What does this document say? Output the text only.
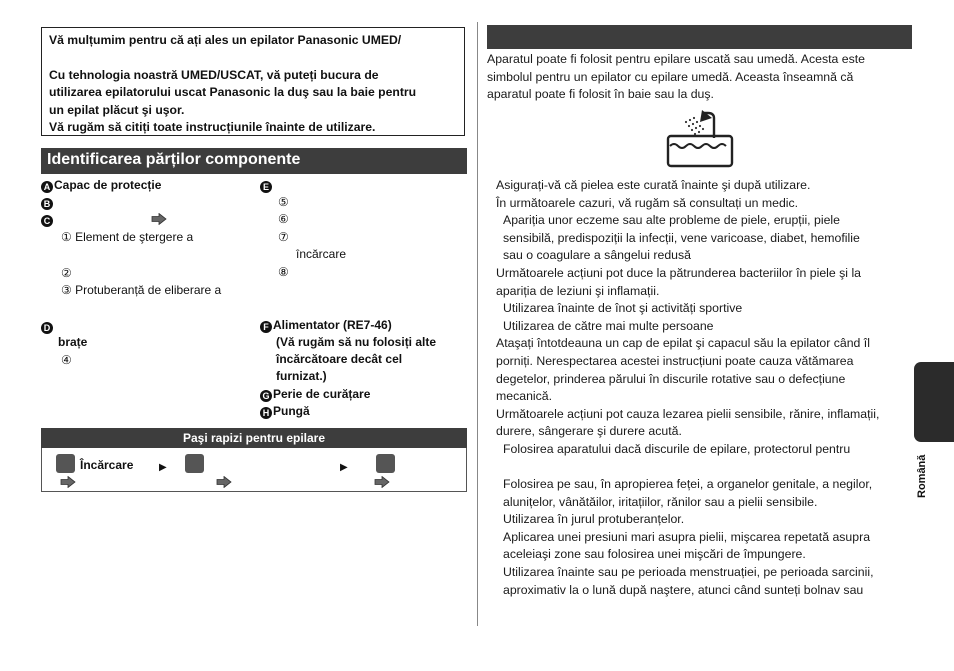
Vă mulțumim pentru că ați ales un epilator Panasonic UMED/

Cu tehnologia noastră UMED/USCAT, vă puteți bucura de

utilizarea epilatorului uscat Panasonic la duş sau la baie pentru

un epilat plăcut şi uşor.

Vă rugăm să citiți toate instrucțiunile înainte de utilizare.

Identificarea părților componente
A Capac de protecție
B
C
① Element de ştergere a
②
③ Protuberanță de eliberare a
D
brațe
④
E
⑤
⑥
⑦
încărcare
⑧
F Alimentator (RE7-46)
(Vă rugăm să nu folosiți alte
încărcătoare decât cel
furnizat.)
G Perie de curățare
H Pungă
Paşi rapizi pentru epilare
Încărcare	▶	▶
Aparatul poate fi folosit pentru epilare uscată sau umedă. Acesta este
simbolul pentru un epilator cu epilare umedă. Aceasta înseamnă că
aparatul poate fi folosit în baie sau la duş.
Asigurați-vă că pielea este curată înainte şi după utilizare.
În următoarele cazuri, vă rugăm să consultați un medic.
Apariția unor eczeme sau alte probleme de piele, erupții, piele
sensibilă, predispoziții la infecții, vene varicoase, diabet, hemofilie
sau o coagulare a sângelui redusă
Următoarele acțiuni pot duce la pătrunderea bacteriilor în piele şi la
apariția de leziuni şi inflamații.
Utilizarea înainte de înot şi activități sportive
Utilizarea de către mai multe persoane
Ataşați întotdeauna un cap de epilat şi capacul său la epilator când îl
porniți. Nerespectarea acestei instrucțiuni poate cauza vătămarea
degetelor, prinderea părului în discurile rotative sau o defecțiune
mecanică.
Următoarele acțiuni pot cauza lezarea pielii sensibile, rănire, inflamații,
durere, sângerare şi durere acută.
Folosirea aparatului dacă discurile de epilare, protectorul pentru
Folosirea pe sau, în apropierea feței, a organelor genitale, a negilor,
alunițelor, vânătăilor, iritațiilor, rănilor sau a pielii sensibile.
Utilizarea în jurul protuberanțelor.
Aplicarea unei presiuni mari asupra pielii, mişcarea repetată asupra
aceleiaşi zone sau folosirea unei mişcări de împungere.
Utilizarea înainte sau pe perioada menstruației, pe perioada sarcinii,
aproximativ la o lună după naştere, atunci când sunteți bolnav sau
Română
